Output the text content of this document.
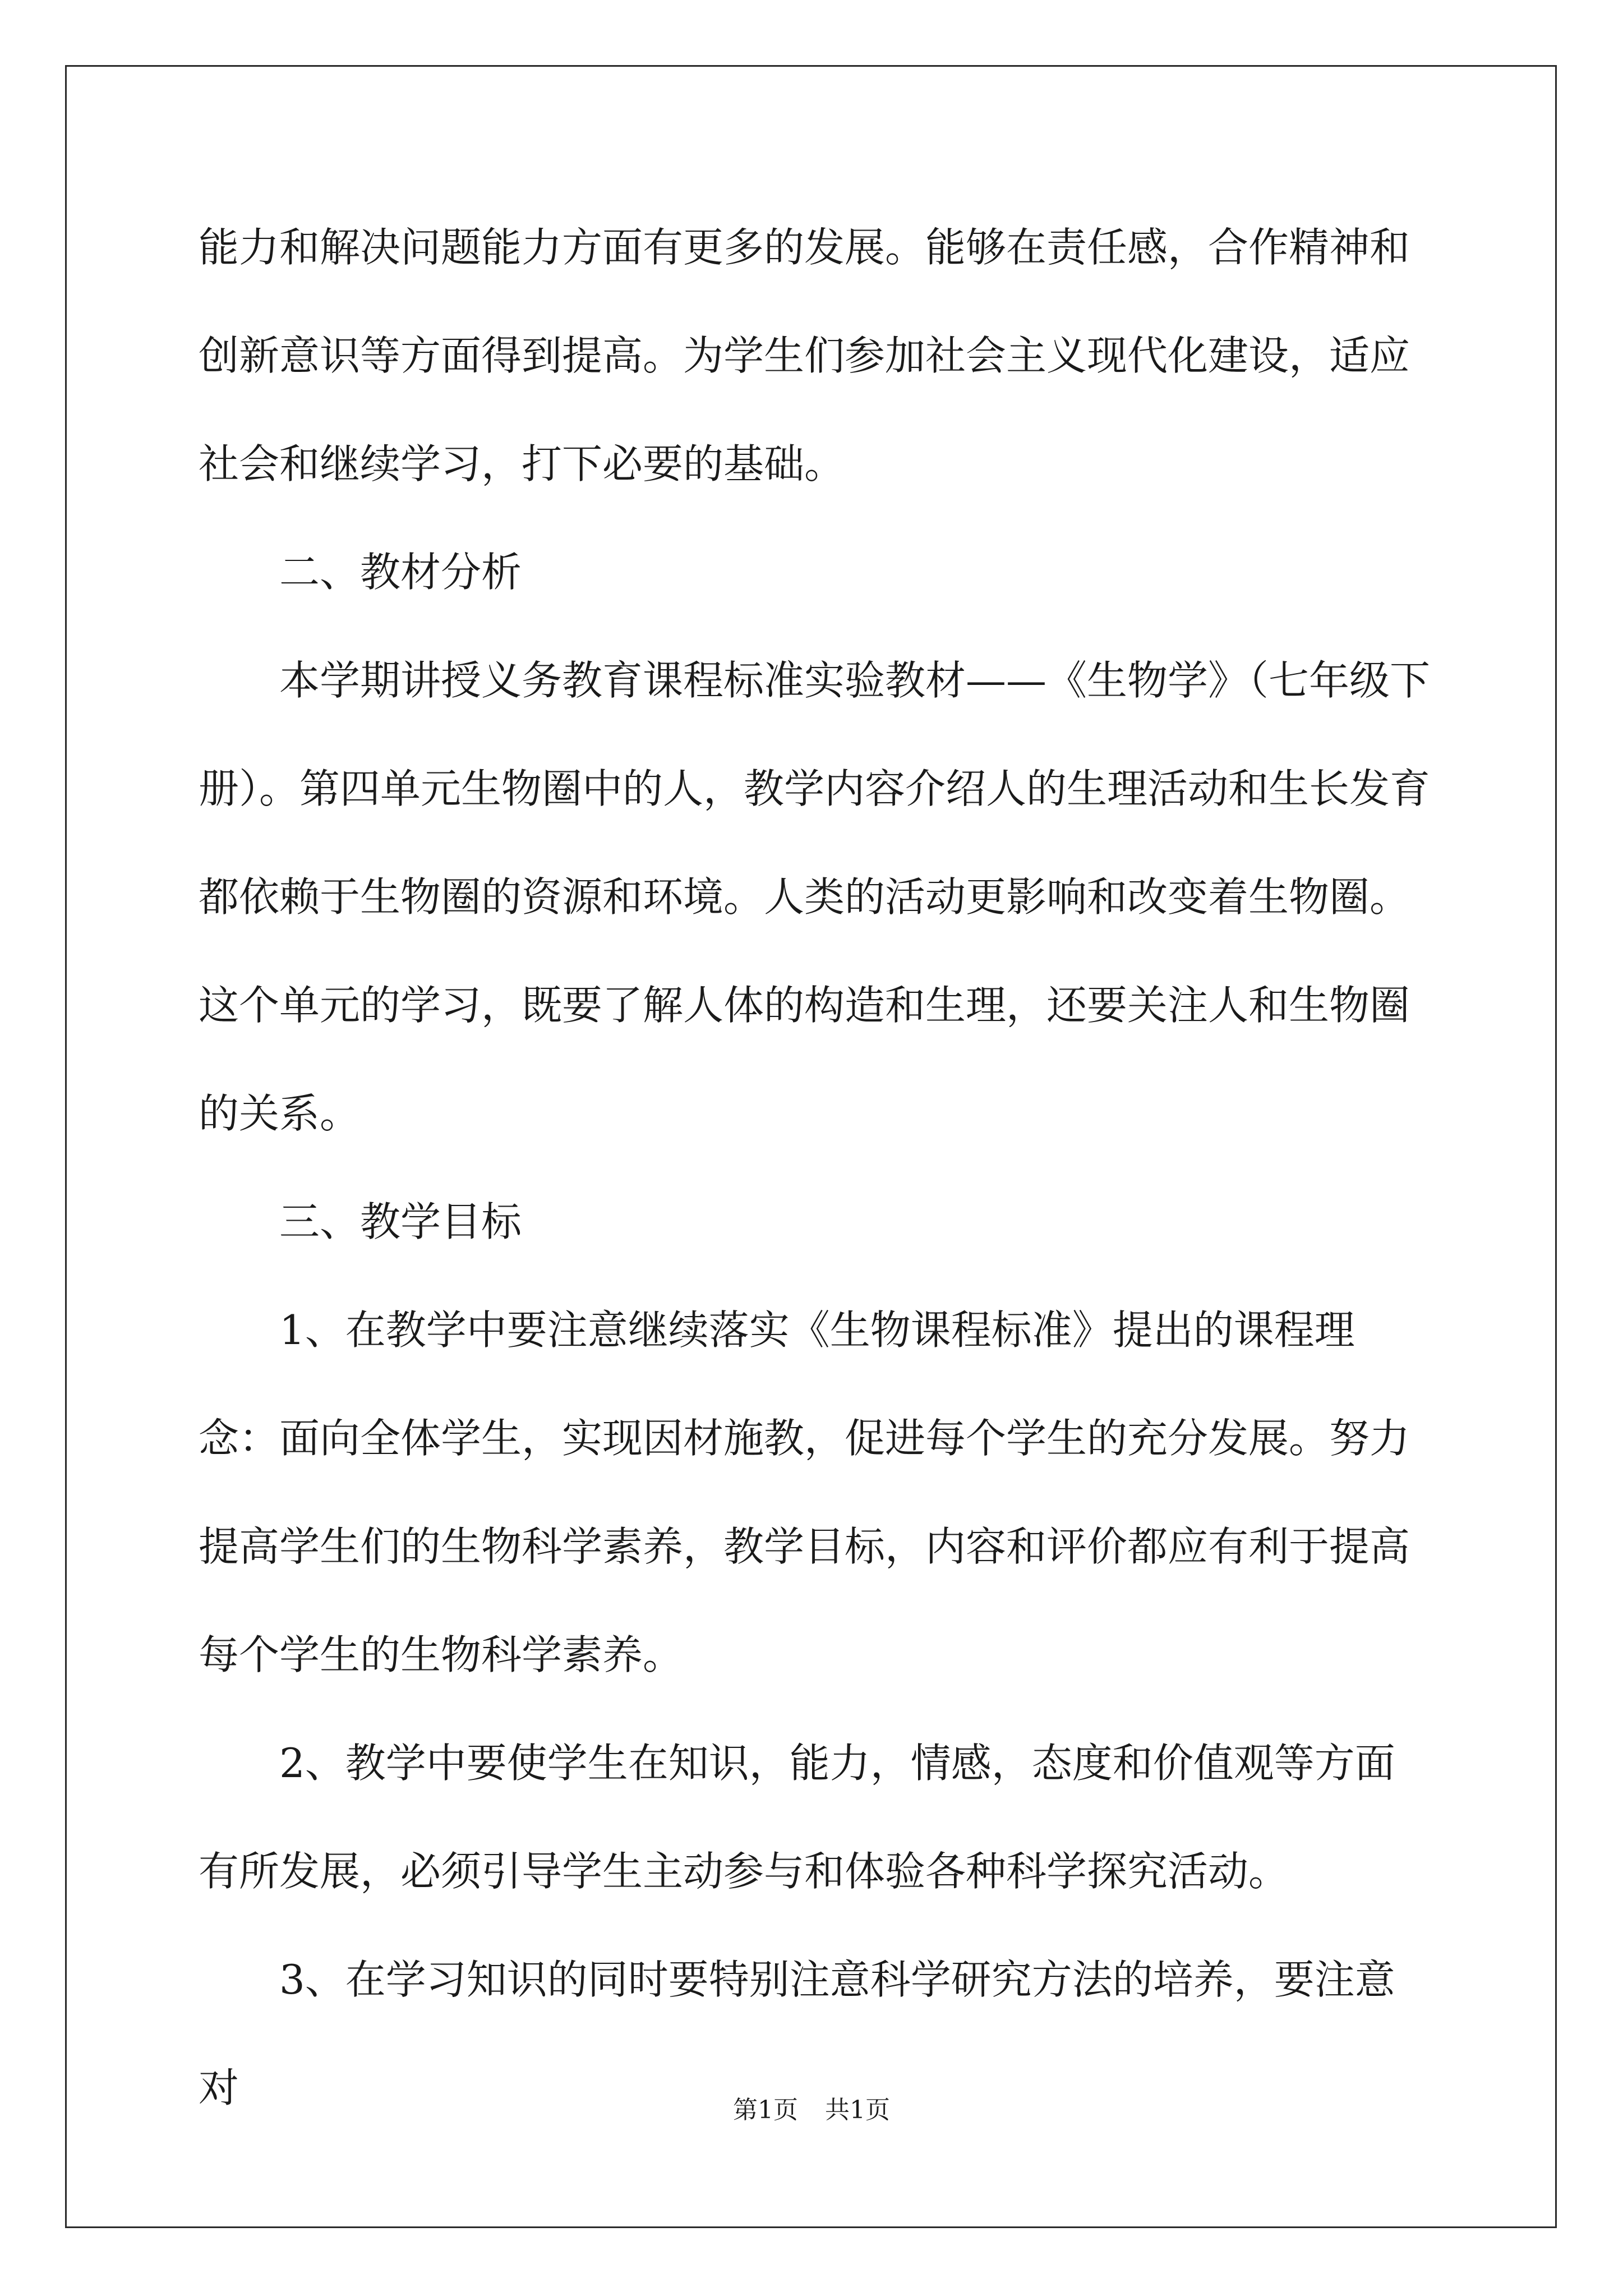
能力和解决问题能力方面有更多的发展。能够在责任感，合作精神和创新意识等方面得到提高。为学生们参加社会主义现代化建设，适应社会和继续学习，打下必要的基础。

二、教材分析

本学期讲授义务教育课程标准实验教材——《生物学》（七年级下册）。第四单元生物圈中的人，教学内容介绍人的生理活动和生长发育都依赖于生物圈的资源和环境。人类的活动更影响和改变着生物圈。这个单元的学习，既要了解人体的构造和生理，还要关注人和生物圈的关系。

三、教学目标

1、在教学中要注意继续落实《生物课程标准》提出的课程理念：面向全体学生，实现因材施教，促进每个学生的充分发展。努力提高学生们的生物科学素养，教学目标，内容和评价都应有利于提高每个学生的生物科学素养。

2、教学中要使学生在知识，能力，情感，态度和价值观等方面有所发展，必须引导学生主动参与和体验各种科学探究活动。

3、在学习知识的同时要特别注意科学研究方法的培养，要注意对	第1页 共1页
